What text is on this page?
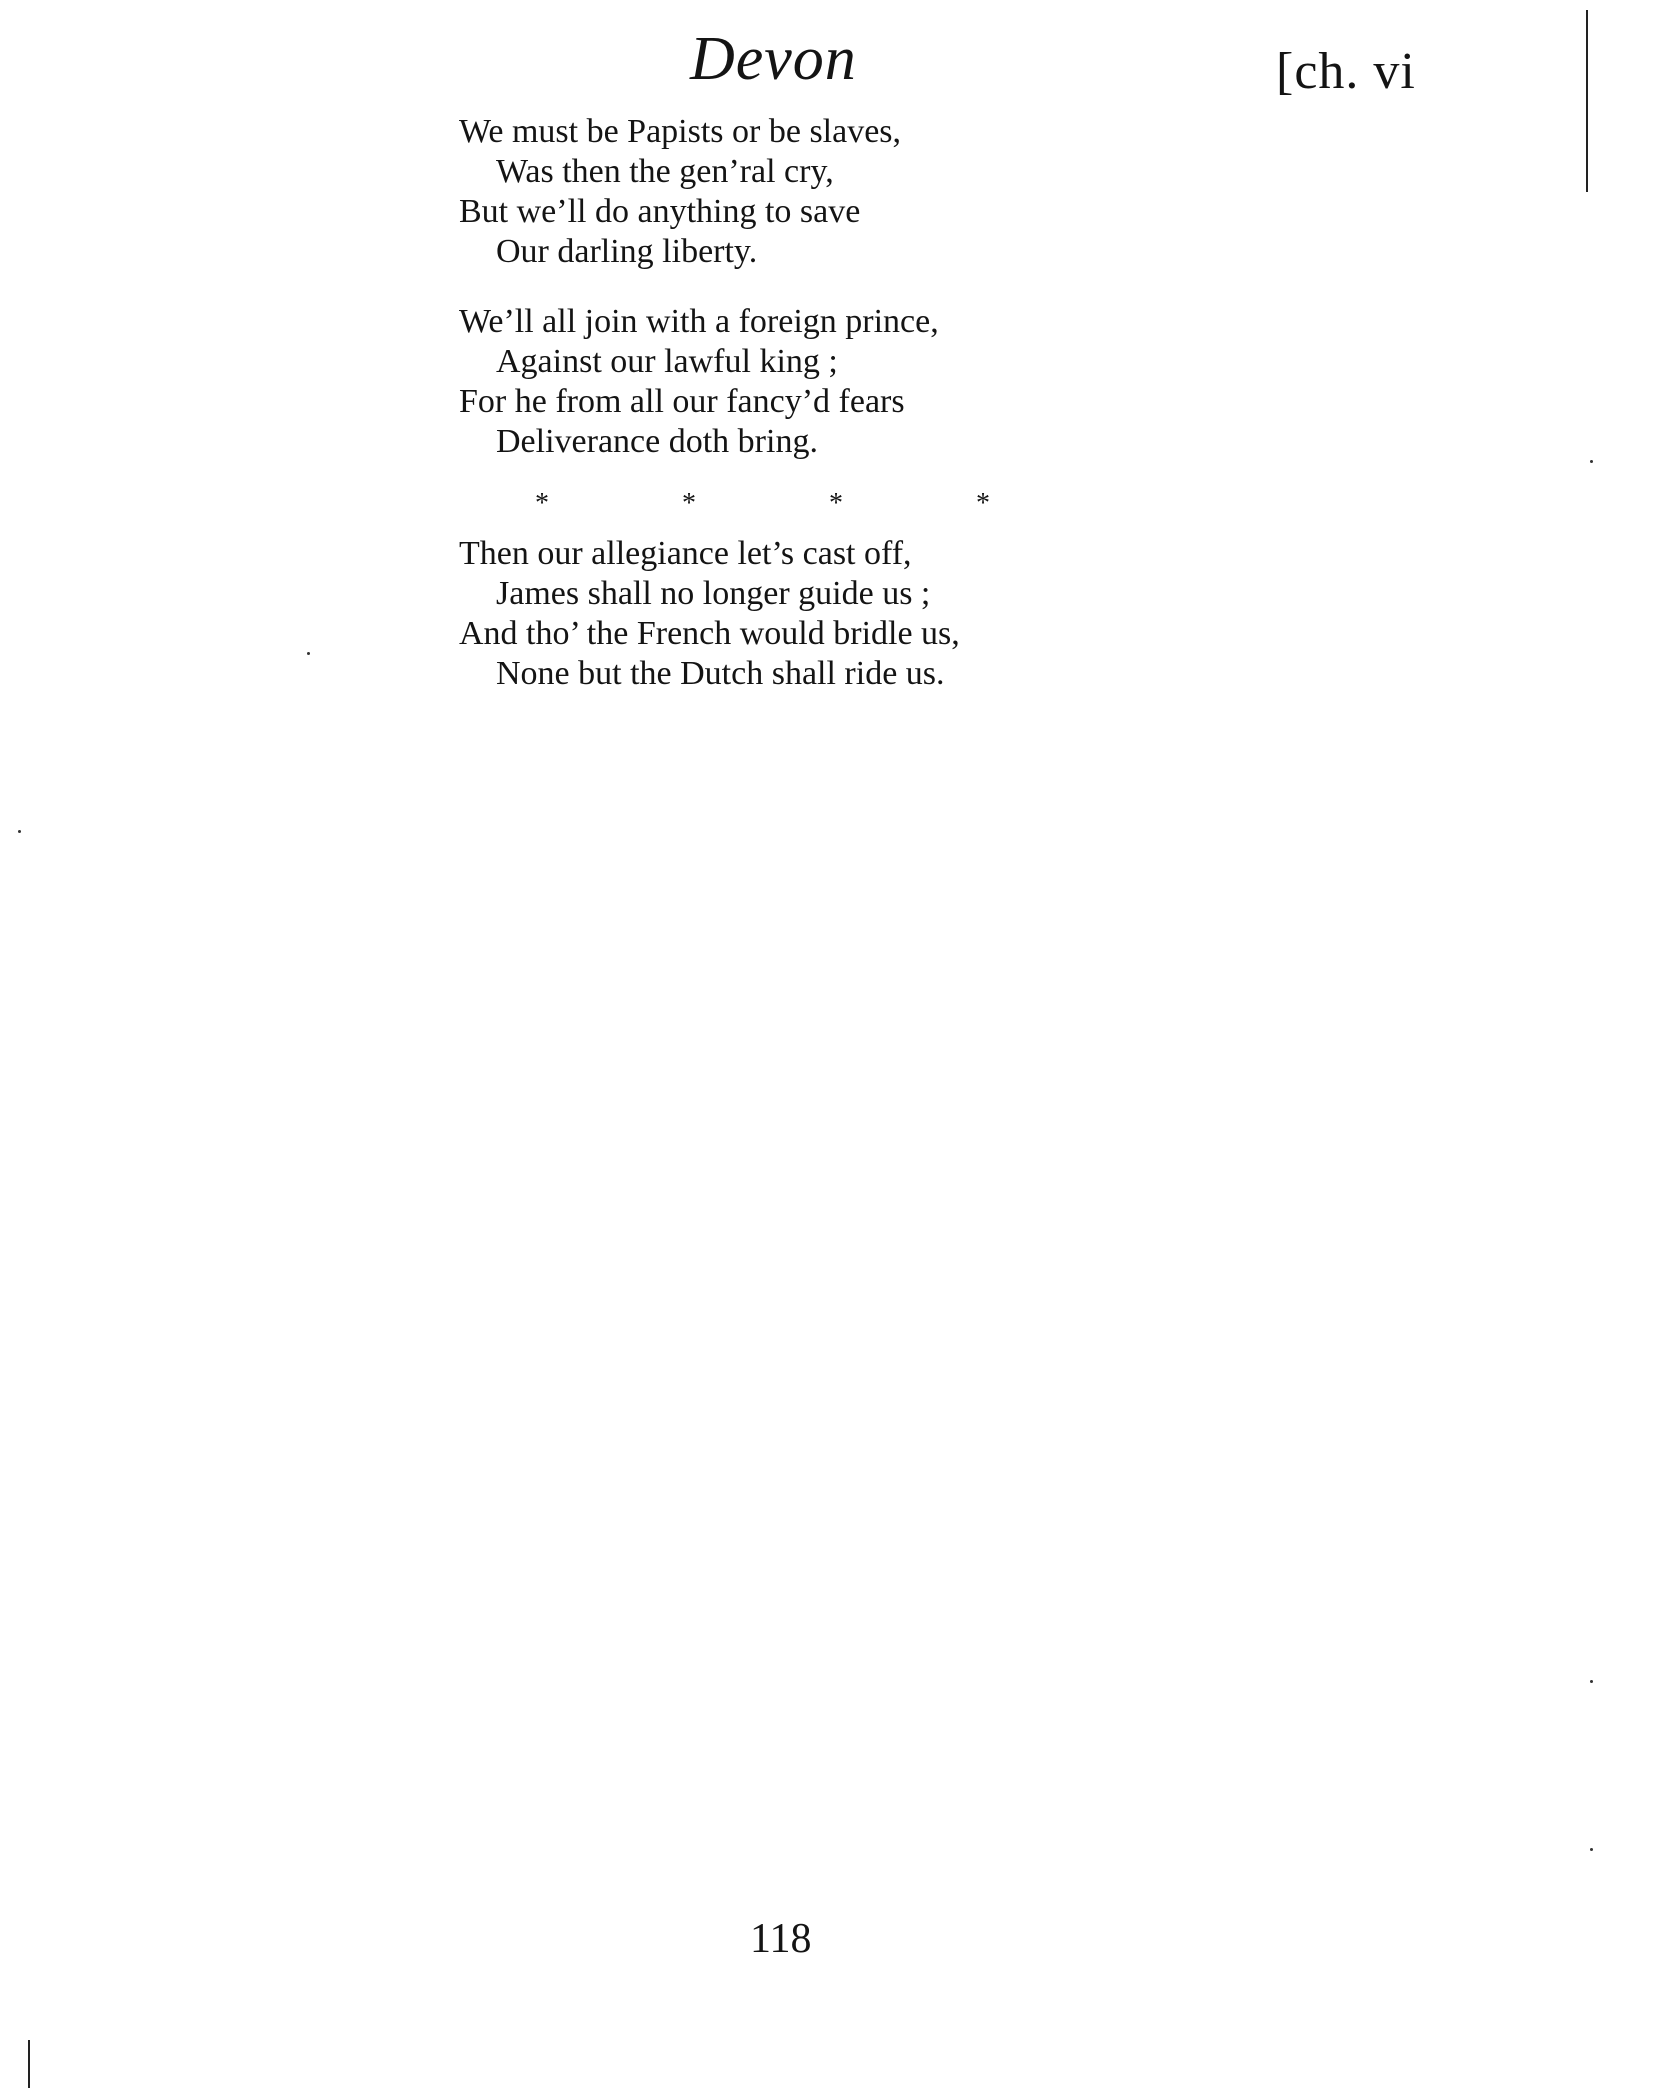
Devon	[ch. vi
We must be Papists or be slaves,
Was then the gen’ral cry,
But we’ll do anything to save
Our darling liberty.
We’ll all join with a foreign prince,
Against our lawful king ;
For he from all our fancy’d fears
Deliverance doth bring.
*	*	*	*
Then our allegiance let’s cast off,
James shall no longer guide us ;
And tho’ the French would bridle us,
None but the Dutch shall ride us.
118
